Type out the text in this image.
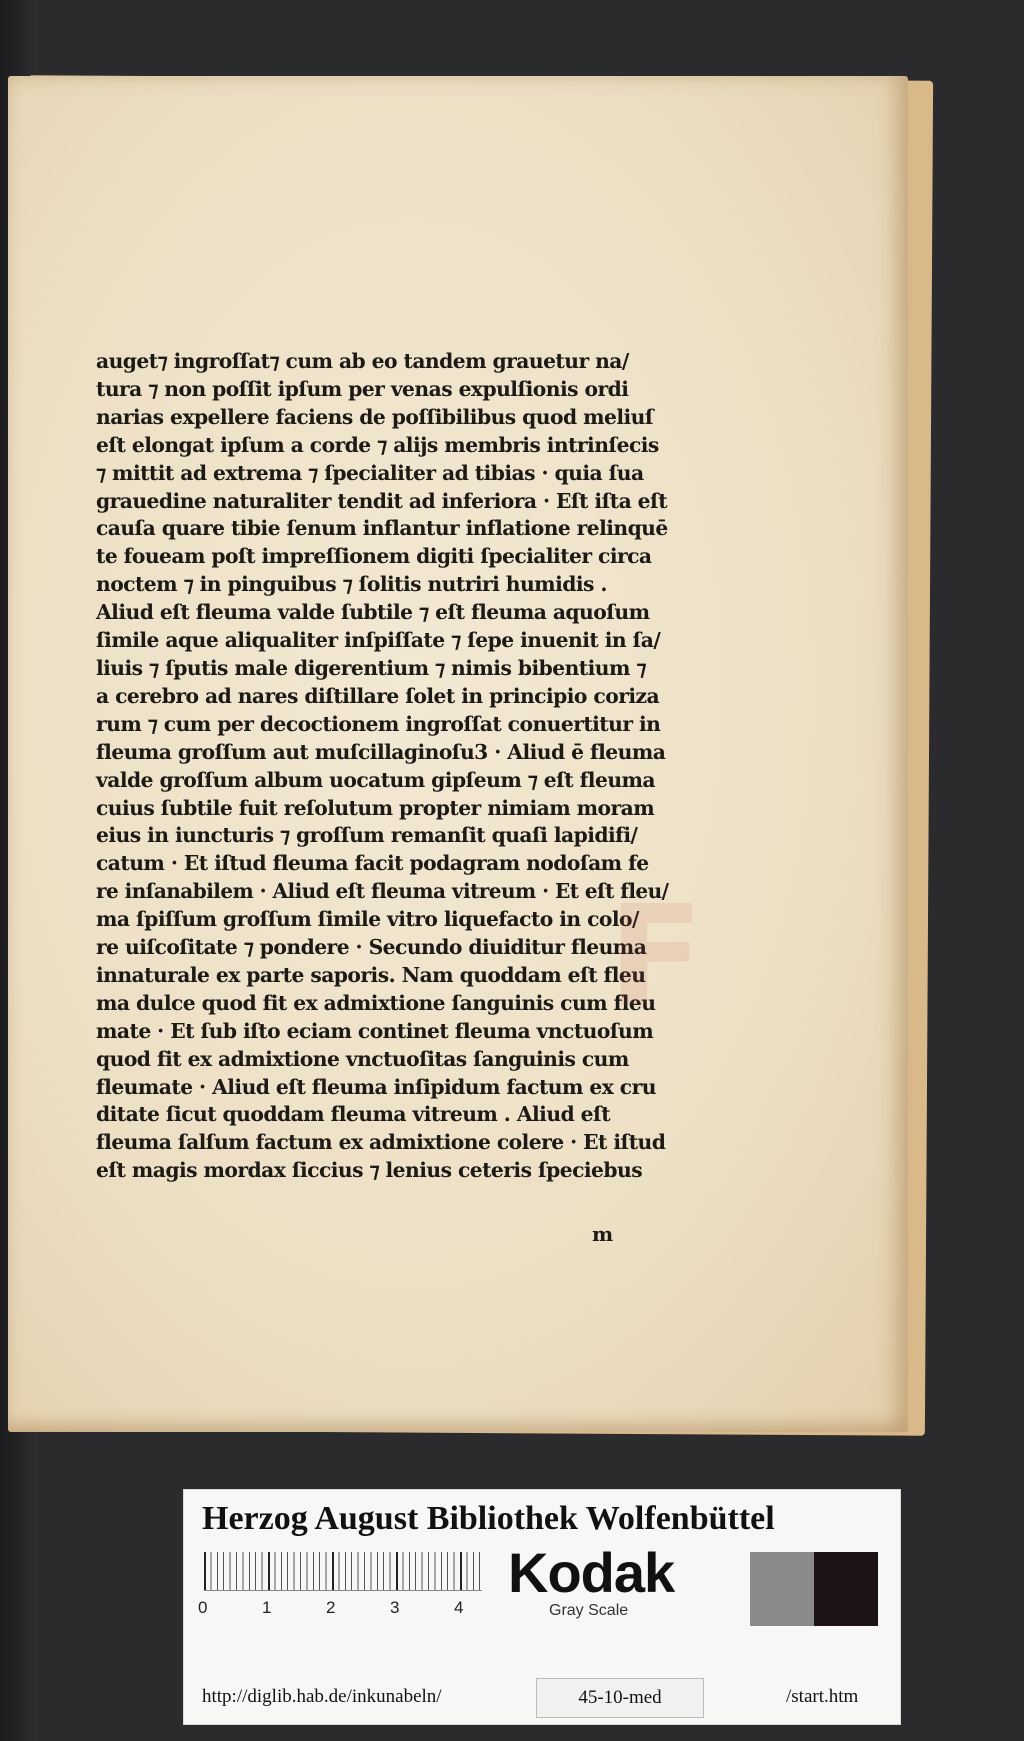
auget⁊ ingroſſat⁊ cum ab eo tandem grauetur na/
tura ⁊ non poſſit ipſum per venas expulſionis ordi
narias expellere faciens de poſſibilibus quod meliuſ
eſt elongat ipſum a corde ⁊ alijs membris intrinſecis
⁊ mittit ad extrema ⁊ ſpecialiter ad tibias · quia ſua
grauedine naturaliter tendit ad inferiora · Eſt iſta eſt
cauſa quare tibie ſenum inflantur inflatione relinquē
te foueam poſt impreſſionem digiti ſpecialiter circa
noctem ⁊ in pinguibus ⁊ ſolitis nutriri humidis .
Aliud eſt fleuma valde ſubtile ⁊ eſt fleuma aquoſum
ſimile aque aliqualiter inſpiſſate ⁊ ſepe inuenit in ſa/
liuis ⁊ ſputis male digerentium ⁊ nimis bibentium ⁊
a cerebro ad nares diſtillare ſolet in principio coriza
rum ⁊ cum per decoctionem ingroſſat conuertitur in
fleuma groſſum aut muſcillaginoſu3 · Aliud ē fleuma
valde groſſum album uocatum gipſeum ⁊ eſt fleuma
cuius ſubtile fuit reſolutum propter nimiam moram
eius in iuncturis ⁊ groſſum remanſit quaſi lapidifi/
catum · Et iſtud fleuma facit podagram nodoſam fe
re inſanabilem · Aliud eſt fleuma vitreum · Et eſt fleu/
ma ſpiſſum groſſum ſimile vitro liquefacto in colo/
re uiſcoſitate ⁊ pondere · Secundo diuiditur fleuma
innaturale ex parte saporis. Nam quoddam eſt fleu
ma dulce quod fit ex admixtione ſanguinis cum fleu
mate · Et ſub iſto eciam continet fleuma vnctuoſum
quod fit ex admixtione vnctuoſitas ſanguinis cum
fleumate · Aliud eſt fleuma inſipidum factum ex cru
ditate ſicut quoddam fleuma vitreum . Aliud eſt
fleuma ſalſum factum ex admixtione colere · Et iſtud
eſt magis mordax ſiccius ⁊ lenius ceteris ſpeciebus
F
m
Herzog August Bibliothek Wolfenbüttel
0	1	2	3	4
Kodak
Gray Scale
http://diglib.hab.de/inkunabeln/	45-10-med	/start.htm
